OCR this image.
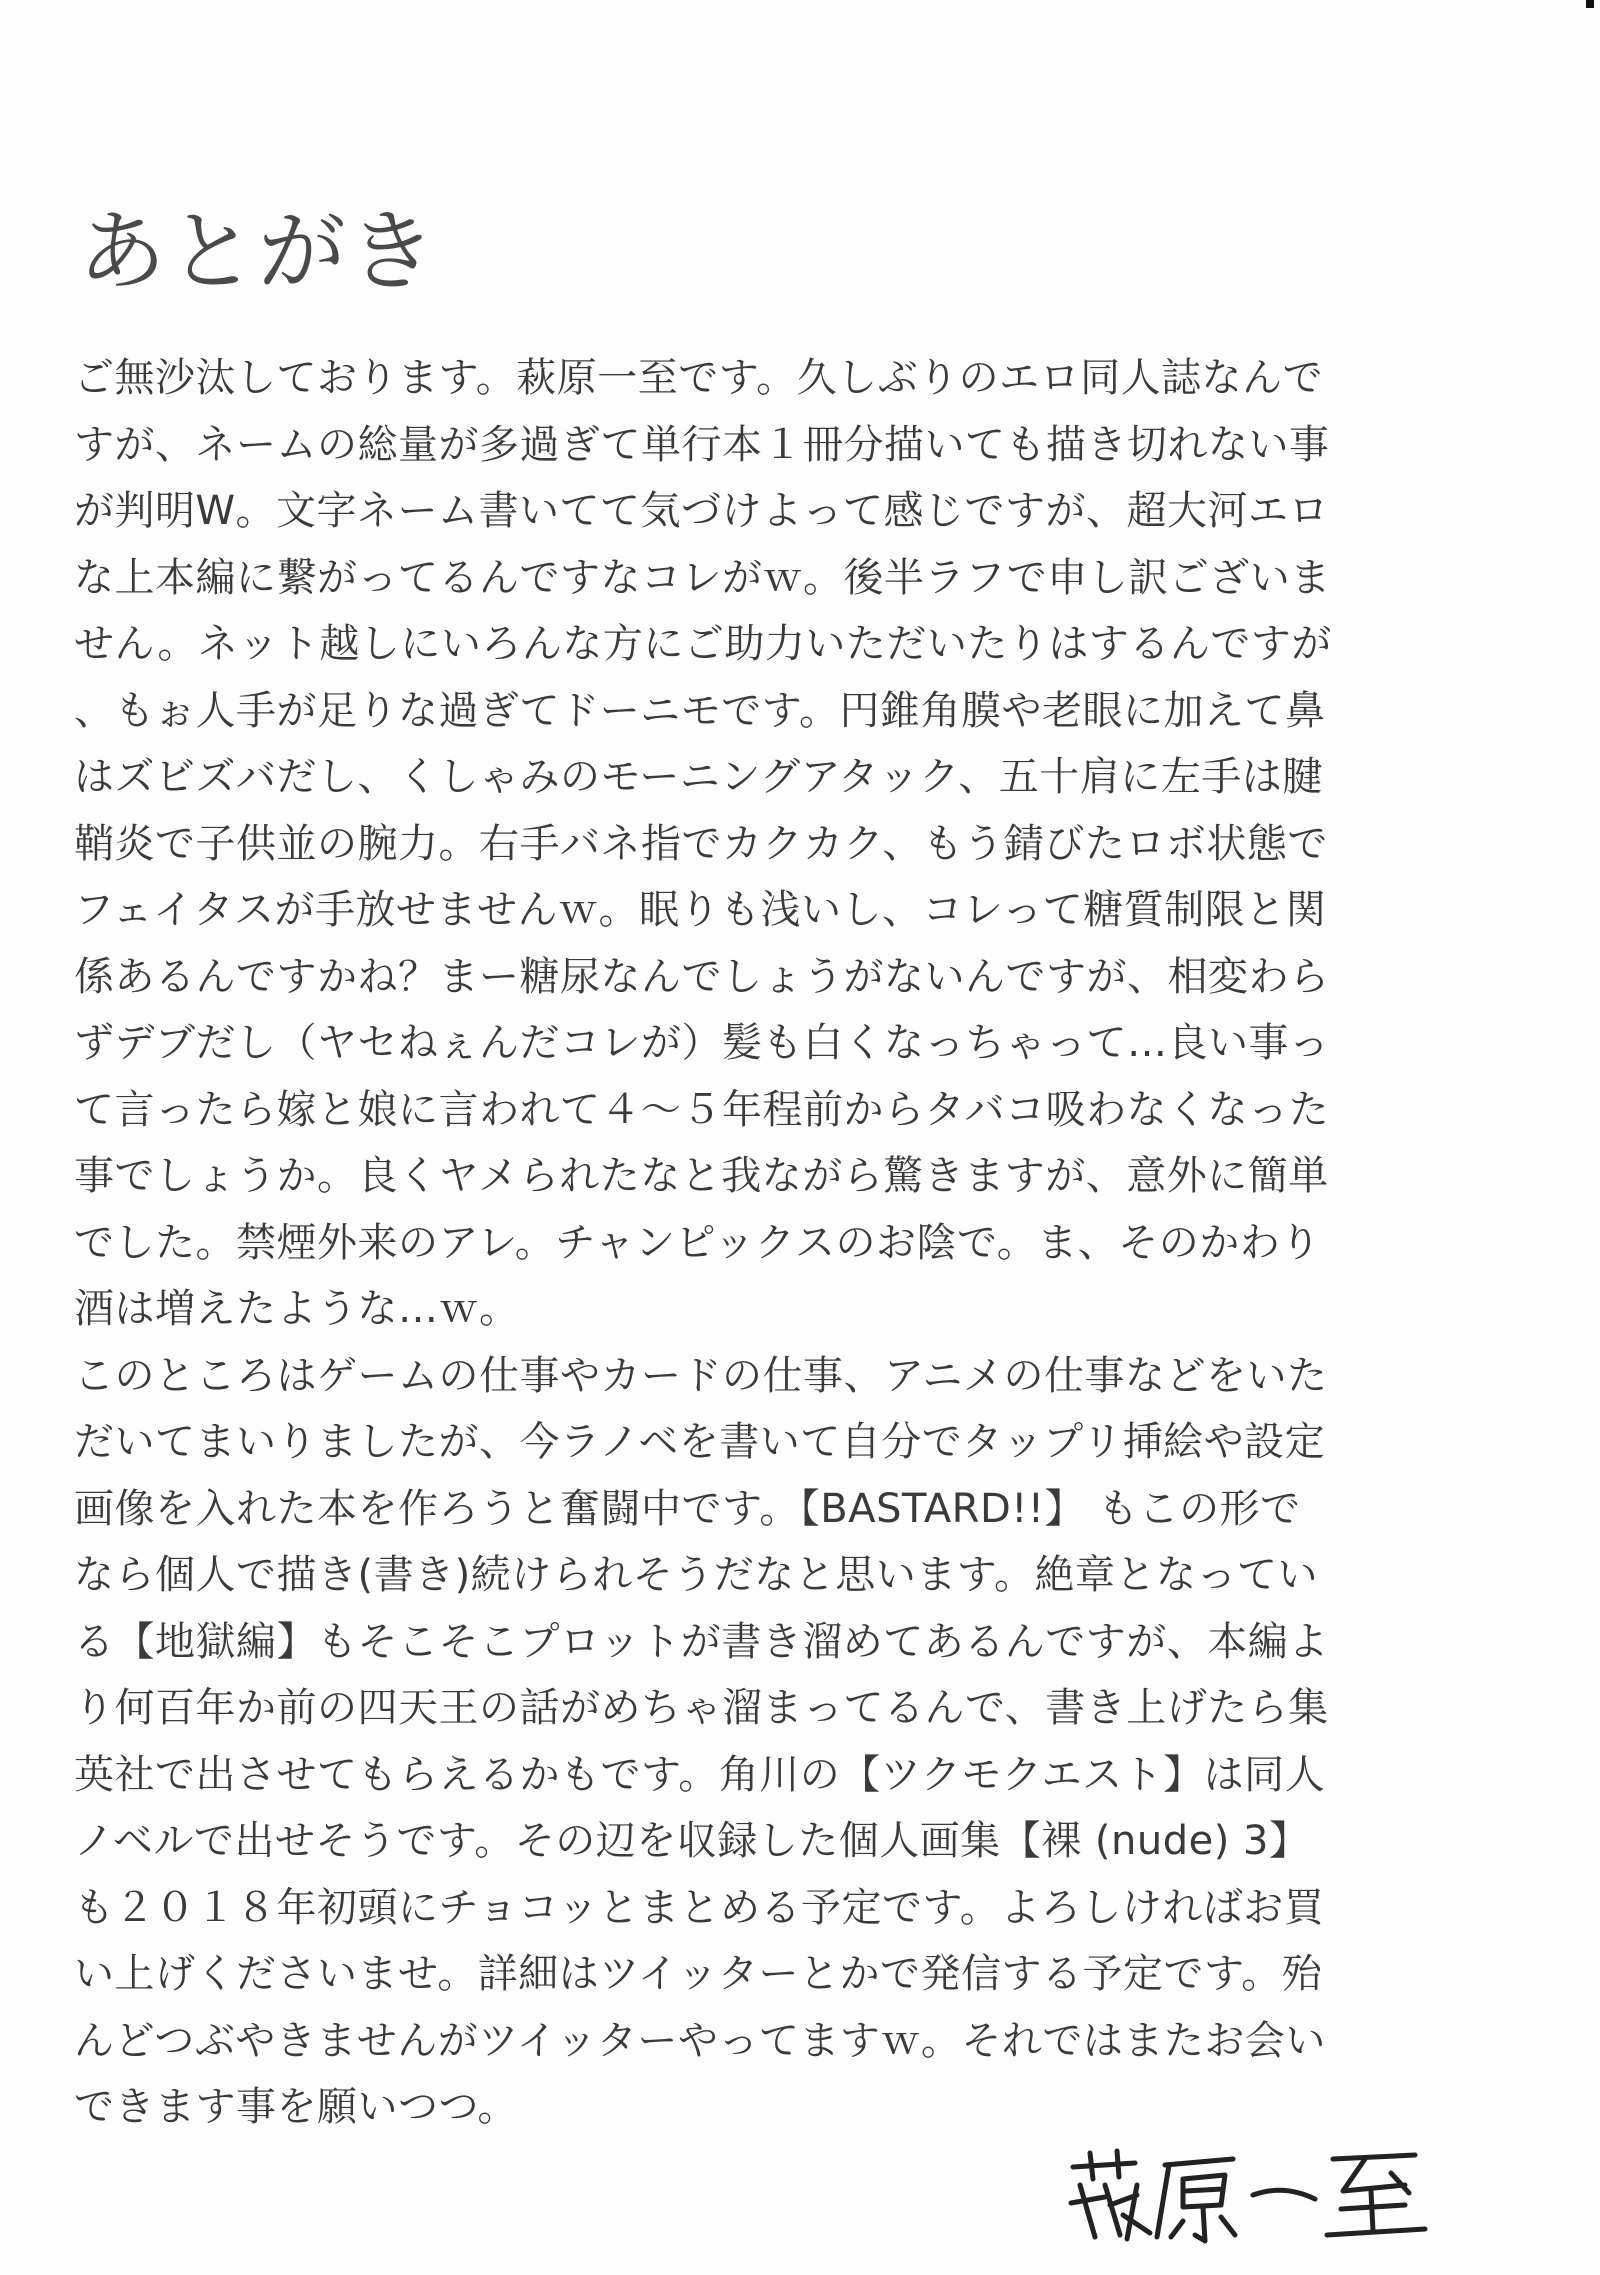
あとがき
ご無沙汰しております。萩原一至です。久しぶりのエロ同人誌なんで
すが、ネームの総量が多過ぎて単行本１冊分描いても描き切れない事
が判明W。文字ネーム書いてて気づけよって感じですが、超大河エロ
な上本編に繋がってるんですなコレがｗ。後半ラフで申し訳ございま
せん。ネット越しにいろんな方にご助力いただいたりはするんですが
、もぉ人手が足りな過ぎてドーニモです。円錐角膜や老眼に加えて鼻
はズビズバだし、くしゃみのモーニングアタック、五十肩に左手は腱
鞘炎で子供並の腕力。右手バネ指でカクカク、もう錆びたロボ状態で
フェイタスが手放せませんｗ。眠りも浅いし、コレって糖質制限と関
係あるんですかね？まー糖尿なんでしょうがないんですが、相変わら
ずデブだし（ヤセねぇんだコレが）髪も白くなっちゃって…良い事っ
て言ったら嫁と娘に言われて４～５年程前からタバコ吸わなくなった
事でしょうか。良くヤメられたなと我ながら驚きますが、意外に簡単
でした。禁煙外来のアレ。チャンピックスのお陰で。ま、そのかわり
酒は増えたような…ｗ。
このところはゲームの仕事やカードの仕事、アニメの仕事などをいた
だいてまいりましたが、今ラノベを書いて自分でタップリ挿絵や設定
画像を入れた本を作ろうと奮闘中です。【BASTARD!!】 もこの形で
なら個人で描き(書き)続けられそうだなと思います。絶章となってい
る【地獄編】もそこそこプロットが書き溜めてあるんですが、本編よ
り何百年か前の四天王の話がめちゃ溜まってるんで、書き上げたら集
英社で出させてもらえるかもです。角川の【ツクモクエスト】は同人
ノベルで出せそうです。その辺を収録した個人画集【裸 (nude) 3】
も２０１８年初頭にチョコッとまとめる予定です。よろしければお買
い上げくださいませ。詳細はツイッターとかで発信する予定です。殆
んどつぶやきませんがツイッターやってますｗ。それではまたお会い
できます事を願いつつ。
